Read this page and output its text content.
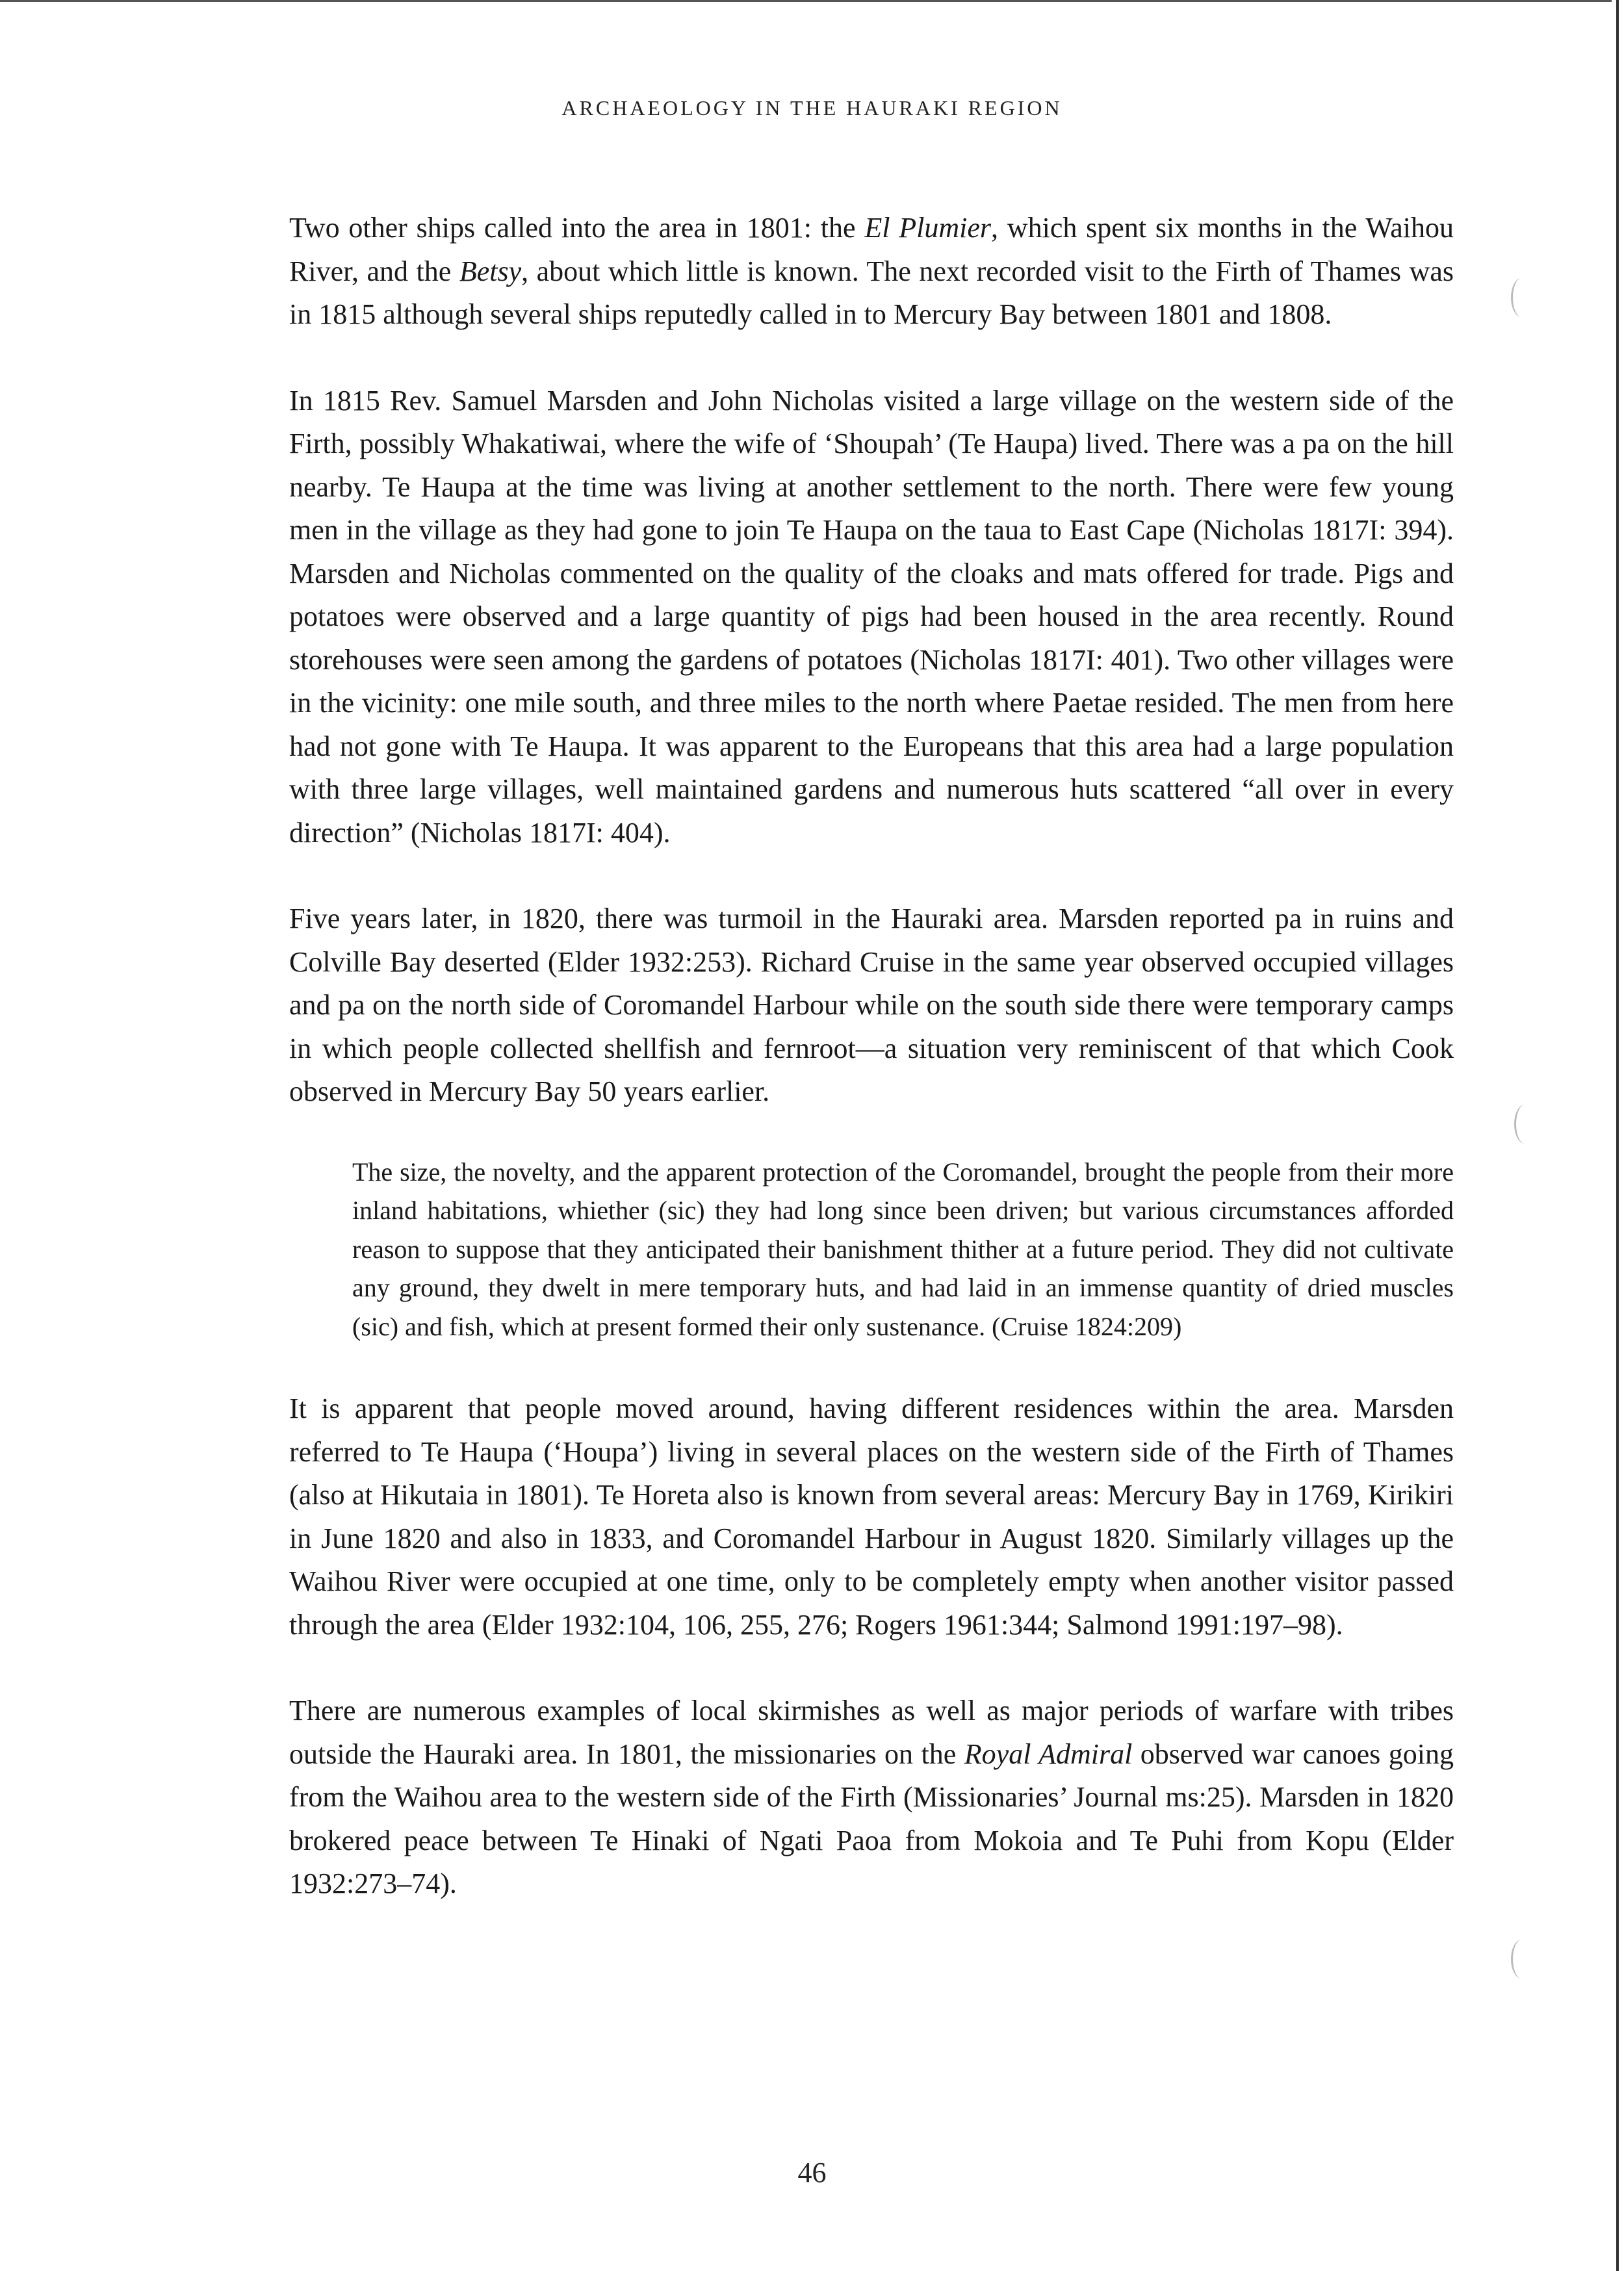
ARCHAEOLOGY IN THE HAURAKI REGION

Two other ships called into the area in 1801: the El Plumier, which spent six months in the Waihou River, and the Betsy, about which little is known. The next recorded visit to the Firth of Thames was in 1815 although several ships reputedly called in to Mercury Bay between 1801 and 1808.

In 1815 Rev. Samuel Marsden and John Nicholas visited a large village on the western side of the Firth, possibly Whakatiwai, where the wife of ‘Shoupah’ (Te Haupa) lived. There was a pa on the hill nearby. Te Haupa at the time was living at another settlement to the north. There were few young men in the village as they had gone to join Te Haupa on the taua to East Cape (Nicholas 1817I: 394). Marsden and Nicholas commented on the quality of the cloaks and mats offered for trade. Pigs and potatoes were observed and a large quantity of pigs had been housed in the area recently. Round storehouses were seen among the gardens of potatoes (Nicholas 1817I: 401). Two other villages were in the vicinity: one mile south, and three miles to the north where Paetae resided. The men from here had not gone with Te Haupa. It was apparent to the Europeans that this area had a large population with three large villages, well maintained gardens and numerous huts scattered “all over in every direction” (Nicholas 1817I: 404).

Five years later, in 1820, there was turmoil in the Hauraki area. Marsden reported pa in ruins and Colville Bay deserted (Elder 1932:253). Richard Cruise in the same year observed occupied villages and pa on the north side of Coromandel Harbour while on the south side there were temporary camps in which people collected shellfish and fernroot—a situation very reminiscent of that which Cook observed in Mercury Bay 50 years earlier.

The size, the novelty, and the apparent protection of the Coromandel, brought the people from their more inland habitations, whiether (sic) they had long since been driven; but various circumstances afforded reason to suppose that they anticipated their banishment thither at a future period. They did not cultivate any ground, they dwelt in mere temporary huts, and had laid in an immense quantity of dried muscles (sic) and fish, which at present formed their only sustenance. (Cruise 1824:209)

It is apparent that people moved around, having different residences within the area. Marsden referred to Te Haupa (‘Houpa’) living in several places on the western side of the Firth of Thames (also at Hikutaia in 1801). Te Horeta also is known from several areas: Mercury Bay in 1769, Kirikiri in June 1820 and also in 1833, and Coromandel Harbour in August 1820. Similarly villages up the Waihou River were occupied at one time, only to be completely empty when another visitor passed through the area (Elder 1932:104, 106, 255, 276; Rogers 1961:344; Salmond 1991:197–98).

There are numerous examples of local skirmishes as well as major periods of warfare with tribes outside the Hauraki area. In 1801, the missionaries on the Royal Admiral observed war canoes going from the Waihou area to the western side of the Firth (Missionaries’ Journal ms:25). Marsden in 1820 brokered peace between Te Hinaki of Ngati Paoa from Mokoia and Te Puhi from Kopu (Elder 1932:273–74).

46
